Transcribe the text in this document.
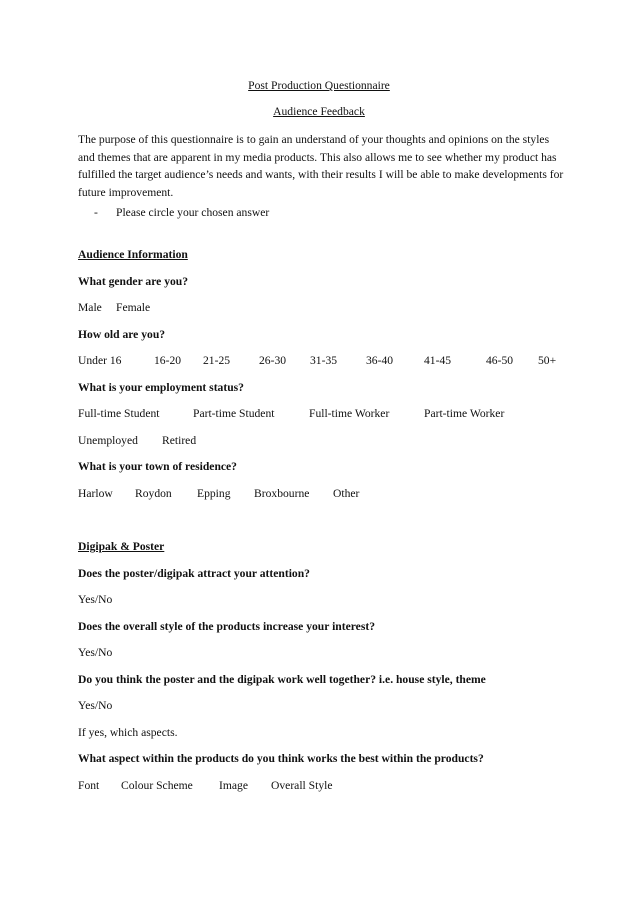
Post Production Questionnaire
Audience Feedback
The purpose of this questionnaire is to gain an understand of your thoughts and opinions on the styles and themes that are apparent in my media products. This also allows me to see whether my product has fulfilled the target audience’s needs and wants, with their results I will be able to make developments for future improvement.
- Please circle your chosen answer
Audience Information
What gender are you?
Male Female
How old are you?
Under 16	16-20 21-25 26-30 31-35 36-40	41-45	46-50 50+
What is your employment status?
Full-time Student	Part-time Student	Full-time Worker	Part-time Worker
Unemployed Retired
What is your town of residence?
Harlow Roydon Epping Broxbourne Other
Digipak & Poster
Does the poster/digipak attract your attention?
Yes/No
Does the overall style of the products increase your interest?
Yes/No
Do you think the poster and the digipak work well together? i.e. house style, theme
Yes/No
If yes, which aspects.
What aspect within the products do you think works the best within the products?
Font Colour Scheme Image Overall Style
